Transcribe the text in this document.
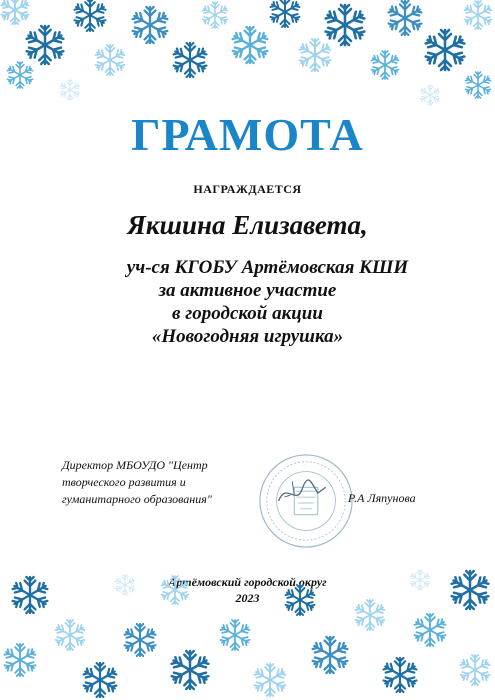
ГРАМОТА
НАГРАЖДАЕТСЯ
Якшина Елизавета,
уч-ся КГОБУ Артёмовская КШИ
за активное участие
в городской акции
«Новогодняя игрушка»
Директор МБОУДО "Центр
творческого развития и
гуманитарного образования"	Р.А Ляпунова
Артёмовский городской округ
2023
